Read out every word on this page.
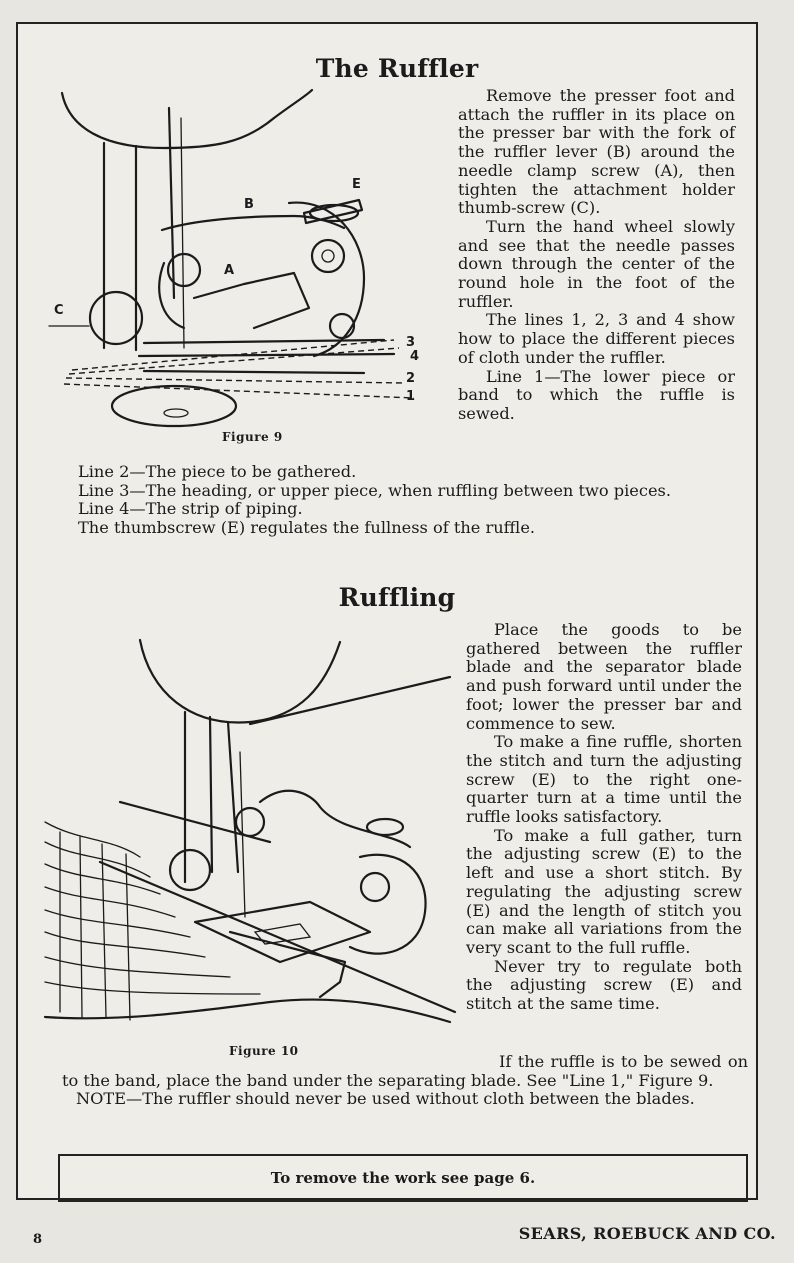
The Ruffler
E
B
A
C
1
2
3
4
Figure 9

Remove the presser foot and attach the ruffler in its place on the presser bar with the fork of the ruffler lever (B) around the needle clamp screw (A), then tighten the attachment holder thumb-screw (C).

Turn the hand wheel slowly and see that the needle passes down through the center of the round hole in the foot of the ruffler.

The lines 1, 2, 3 and 4 show how to place the different pieces of cloth under the ruffler.

Line 1—The lower piece or band to which the ruffle is sewed.

Line 2—The piece to be gathered.

Line 3—The heading, or upper piece, when ruffling between two pieces.

Line 4—The strip of piping.

The thumbscrew (E) regulates the fullness of the ruffle.

Ruffling
Figure 10

Place the goods to be gathered between the ruffler blade and the separator blade and push forward until under the foot; lower the presser bar and commence to sew.

To make a fine ruffle, shorten the stitch and turn the adjusting screw (E) to the right one-quarter turn at a time until the ruffle looks satisfactory.

To make a full gather, turn the adjusting screw (E) to the left and use a short stitch. By regulating the adjusting screw (E) and the length of stitch you can make all variations from the very scant to the full ruffle.

Never try to regulate both the adjusting screw (E) and stitch at the same time.

If the ruffle is to be sewed on to the band, place the band under the separating blade. See "Line 1," Figure 9.

NOTE—The ruffler should never be used without cloth between the blades.

To remove the work see page 6.
8	SEARS, ROEBUCK AND CO.
